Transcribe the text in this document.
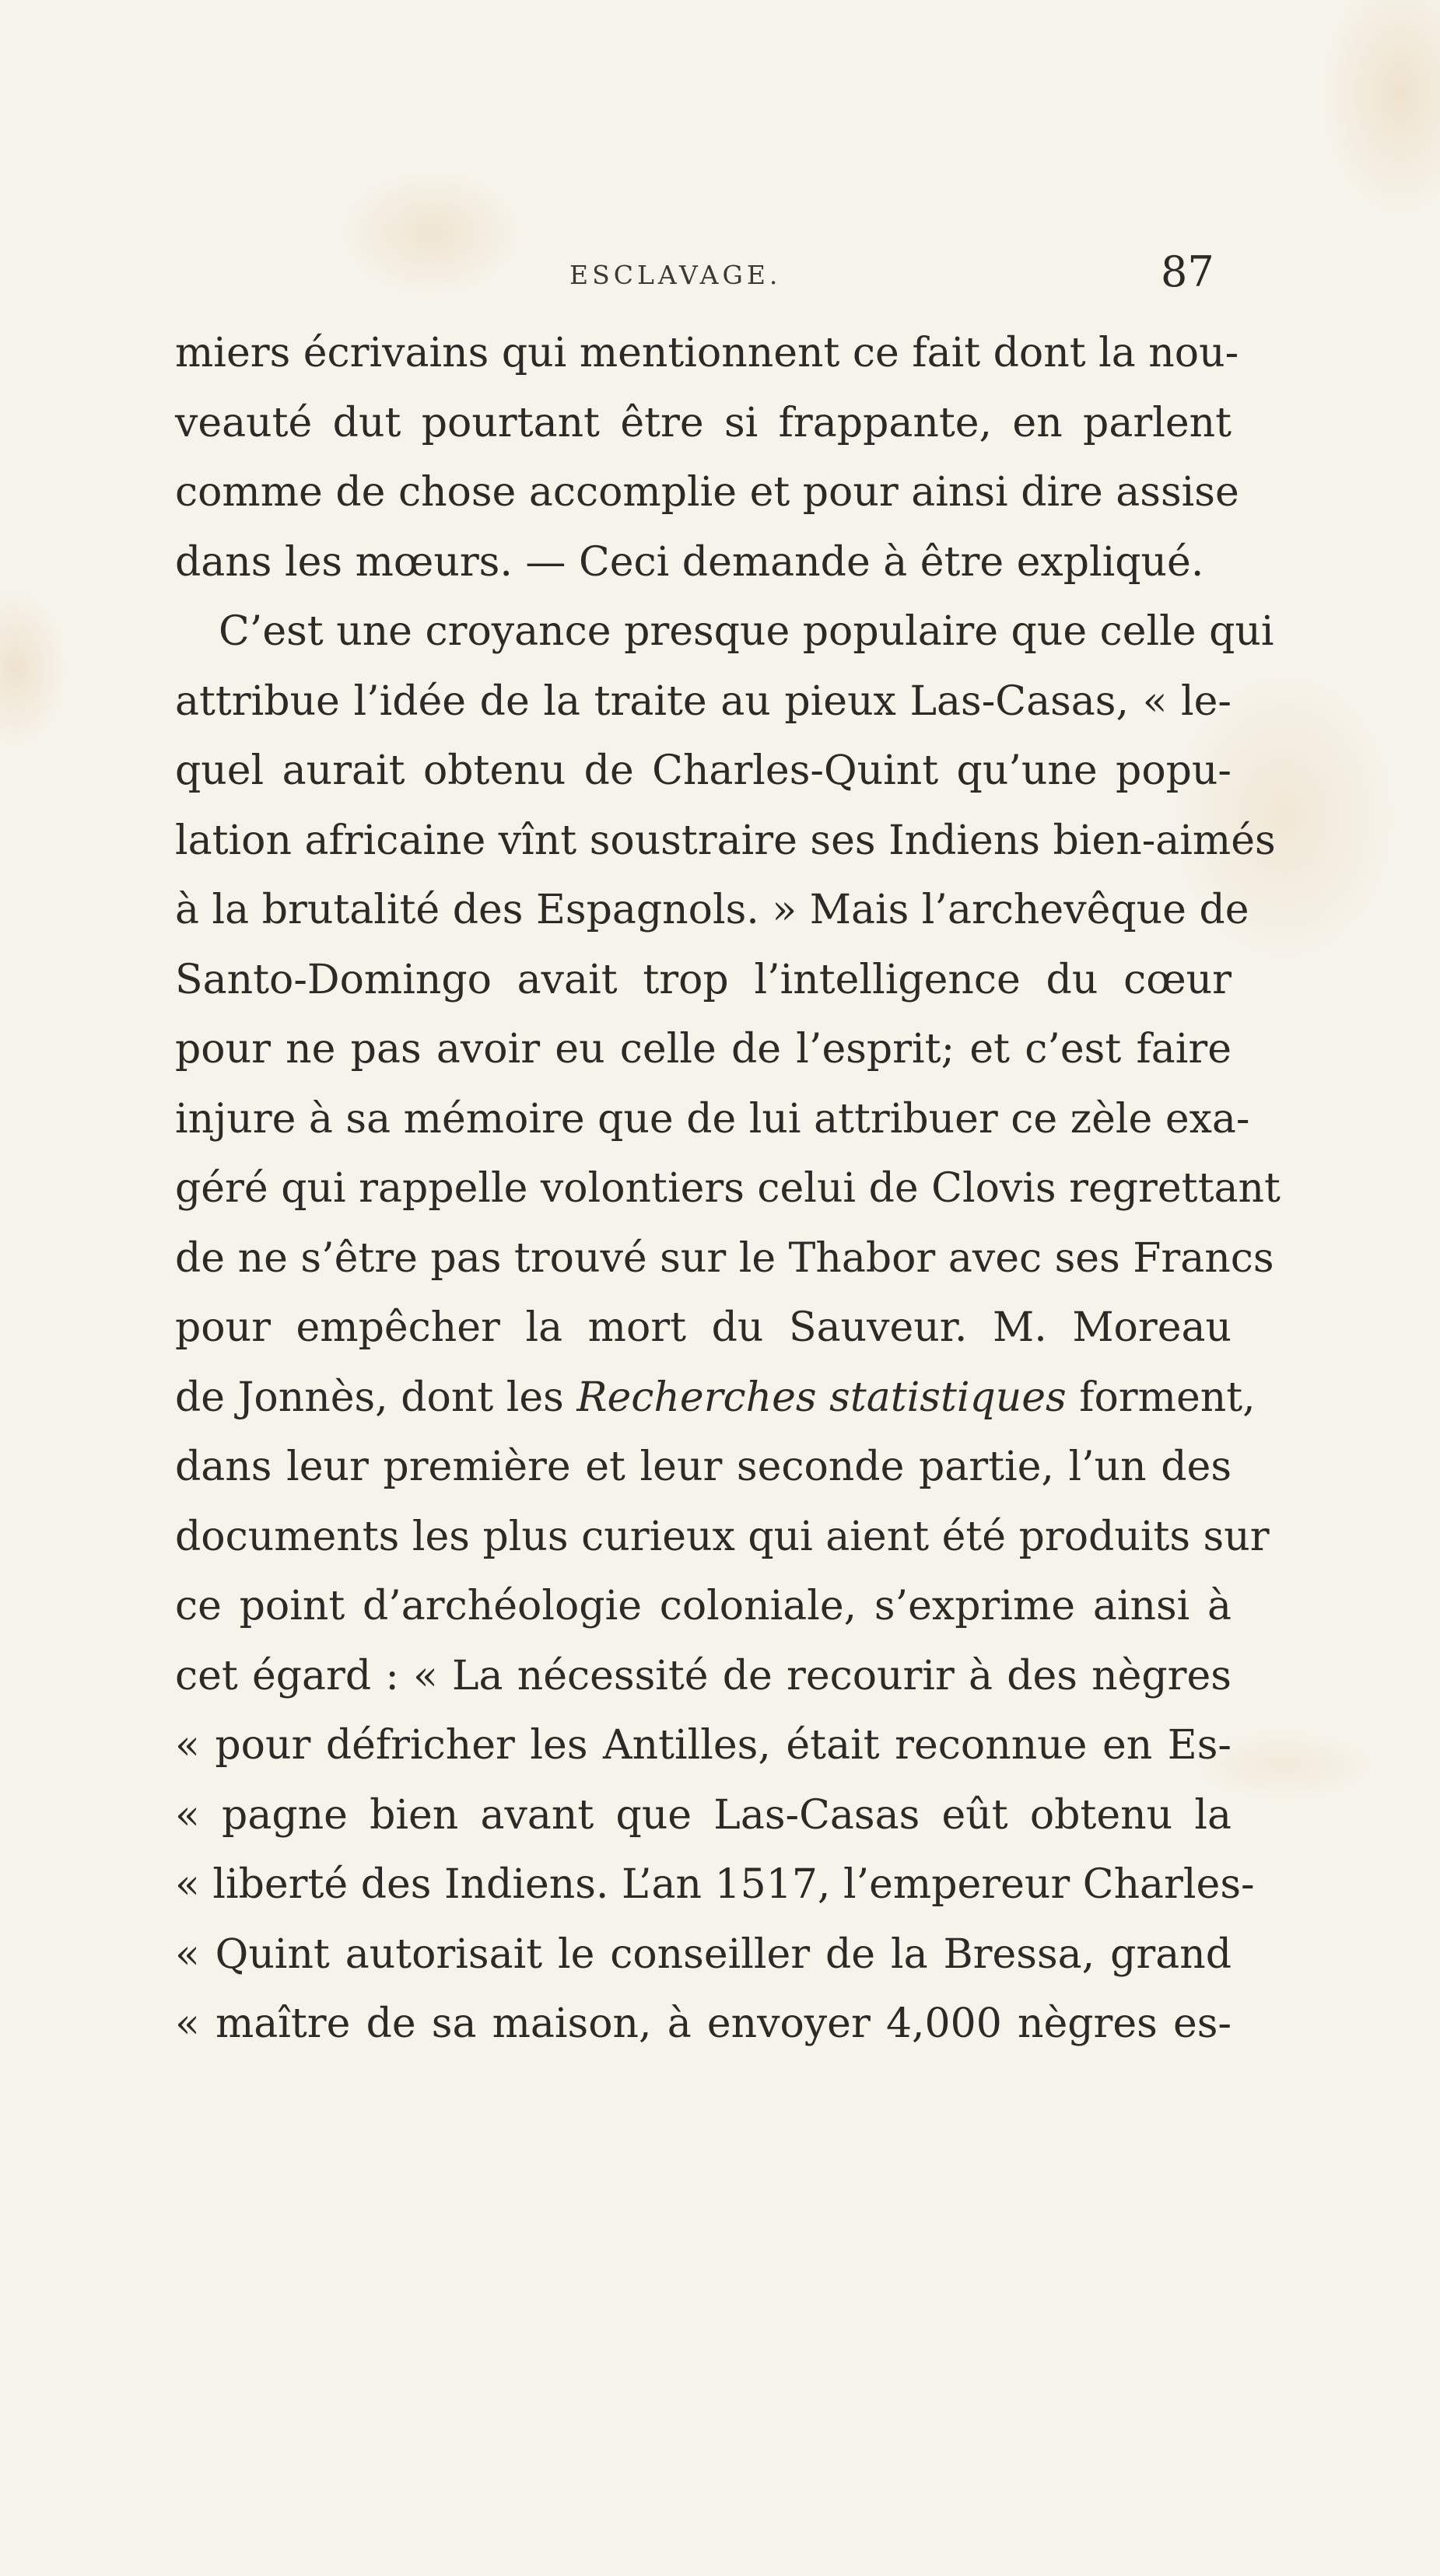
ESCLAVAGE.	87
miers écrivains qui mentionnent ce fait dont la nou-
veauté dut pourtant être si frappante, en parlent
comme de chose accomplie et pour ainsi dire assise
dans les mœurs. — Ceci demande à être expliqué.
C’est une croyance presque populaire que celle qui
attribue l’idée de la traite au pieux Las-Casas, « le-
quel aurait obtenu de Charles-Quint qu’une popu-
lation africaine vînt soustraire ses Indiens bien-aimés
à la brutalité des Espagnols. » Mais l’archevêque de
Santo-Domingo avait trop l’intelligence du cœur
pour ne pas avoir eu celle de l’esprit; et c’est faire
injure à sa mémoire que de lui attribuer ce zèle exa-
géré qui rappelle volontiers celui de Clovis regrettant
de ne s’être pas trouvé sur le Thabor avec ses Francs
pour empêcher la mort du Sauveur. M. Moreau
de Jonnès, dont les Recherches statistiques forment,
dans leur première et leur seconde partie, l’un des
documents les plus curieux qui aient été produits sur
ce point d’archéologie coloniale, s’exprime ainsi à
cet égard : « La nécessité de recourir à des nègres
« pour défricher les Antilles, était reconnue en Es-
« pagne bien avant que Las-Casas eût obtenu la
« liberté des Indiens. L’an 1517, l’empereur Charles-
« Quint autorisait le conseiller de la Bressa, grand
« maître de sa maison, à envoyer 4,000 nègres es-
